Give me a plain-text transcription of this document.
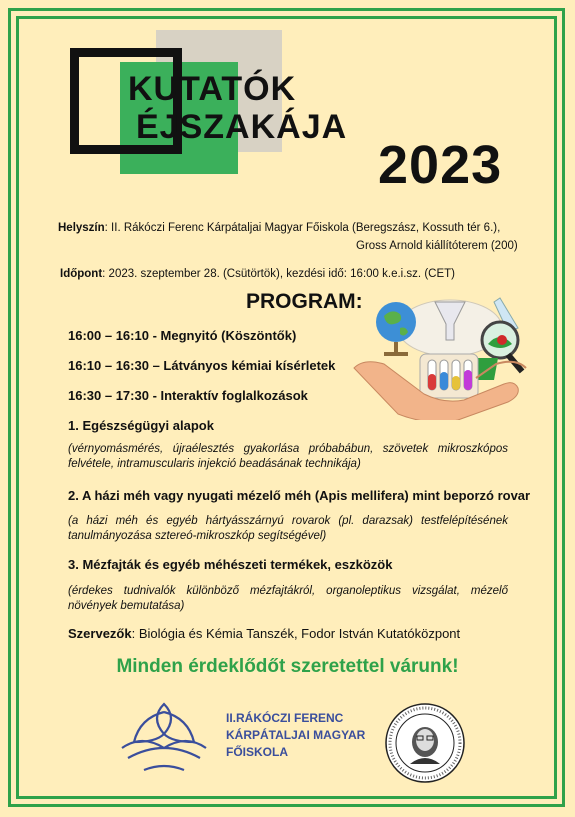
KUTATÓK
ÉJSZAKÁJA
2023
Helyszín: II. Rákóczi Ferenc Kárpátaljai Magyar Főiskola (Beregszász, Kossuth tér 6.),
Gross Arnold kiállítóterem (200)
Időpont: 2023. szeptember 28. (Csütörtök), kezdési idő: 16:00 k.e.i.sz. (CET)
PROGRAM:
16:00 – 16:10 - Megnyitó (Köszöntők)
16:10 – 16:30 – Látványos kémiai kísérletek
16:30 – 17:30 - Interaktív foglalkozások
1. Egészségügyi alapok
(vérnyomásmérés, újraélesztés gyakorlása próbabábun, szövetek mikroszkópos felvétele, intramuscularis injekció beadásának technikája)
2. A házi méh vagy nyugati mézelő méh (Apis mellifera) mint beporzó rovar
(a házi méh és egyéb hártyásszárnyú rovarok (pl. darazsak) testfelépítésének tanulmányozása sztereó-mikroszkóp segítségével)
3. Mézfajták és egyéb méhészeti termékek, eszközök
(érdekes tudnivalók különböző mézfajtákról, organoleptikus vizsgálat, mézelő növények bemutatása)
Szervezők: Biológia és Kémia Tanszék, Fodor István Kutatóközpont
Minden érdeklődőt szeretettel várunk!
II.RÁKÓCZI FERENC
KÁRPÁTALJAI MAGYAR
FŐISKOLA
